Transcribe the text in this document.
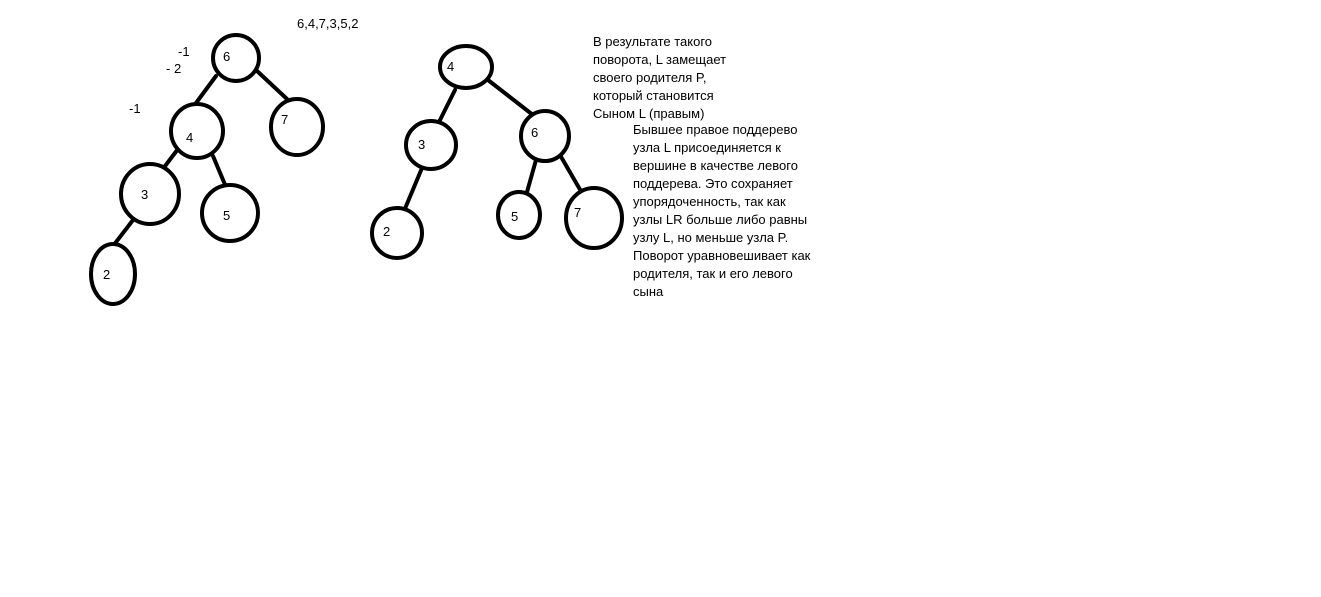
6,4,7,3,5,2
6
4
7
3
5
2
-1
- 2
-1
4
3
6
2
5	7

В результате такого
поворота, L замещает
своего родителя P,
который становится
Сыном L (правым)

Бывшее правое поддерево
узла L присоединяется к
вершине в качестве левого
поддерева. Это сохраняет
упорядоченность, так как
узлы LR больше либо равны
узлу L, но меньше узла P.
Поворот уравновешивает как
родителя, так и его левого
сына
